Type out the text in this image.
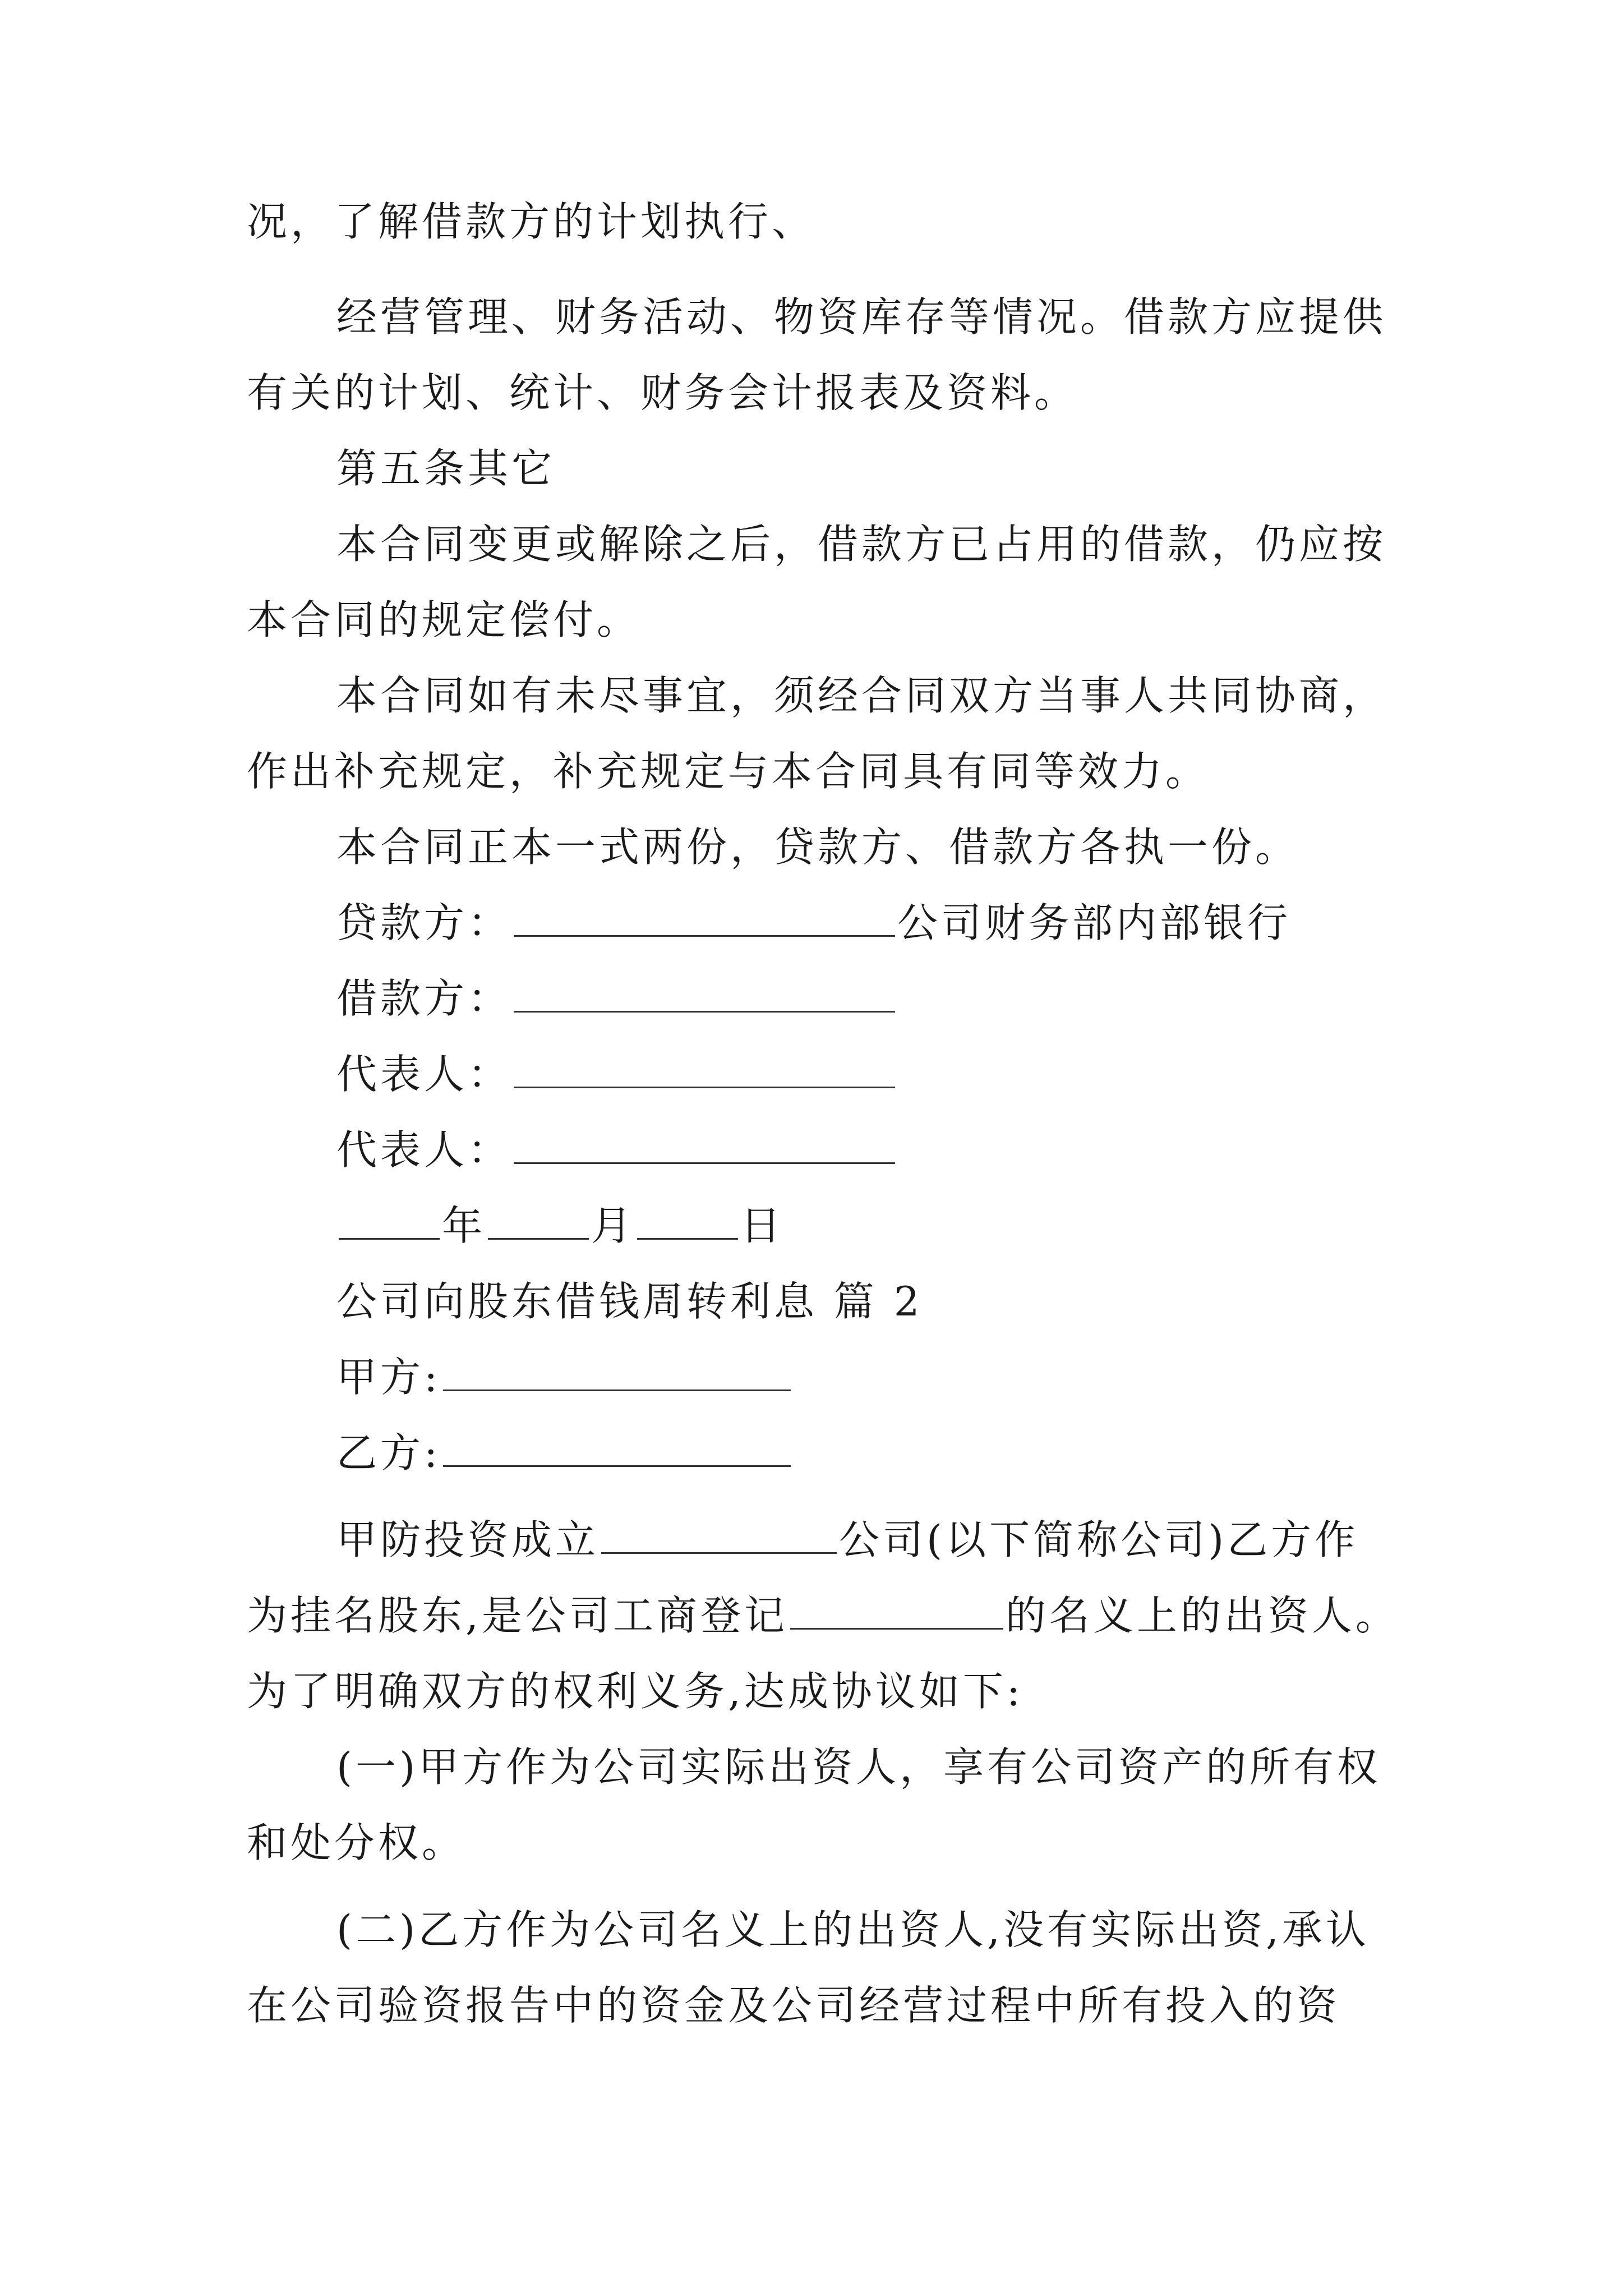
况，了解借款方的计划执行、
经营管理、财务活动、物资库存等情况。借款方应提供
有关的计划、统计、财务会计报表及资料。
第五条其它
本合同变更或解除之后，借款方已占用的借款，仍应按
本合同的规定偿付。
本合同如有未尽事宜，须经合同双方当事人共同协商，
作出补充规定，补充规定与本合同具有同等效力。
本合同正本一式两份，贷款方、借款方各执一份。
贷款方：	公司财务部内部银行
借款方：
代表人：
代表人：
年	月	日
公司向股东借钱周转利息 篇 2
甲方:
乙方:
甲防投资成立	公司(以下简称公司)乙方作
为挂名股东,是公司工商登记	的名义上的出资人。
为了明确双方的权利义务,达成协议如下:
(一)甲方作为公司实际出资人，享有公司资产的所有权
和处分权。
(二)乙方作为公司名义上的出资人,没有实际出资,承认
在公司验资报告中的资金及公司经营过程中所有投入的资
